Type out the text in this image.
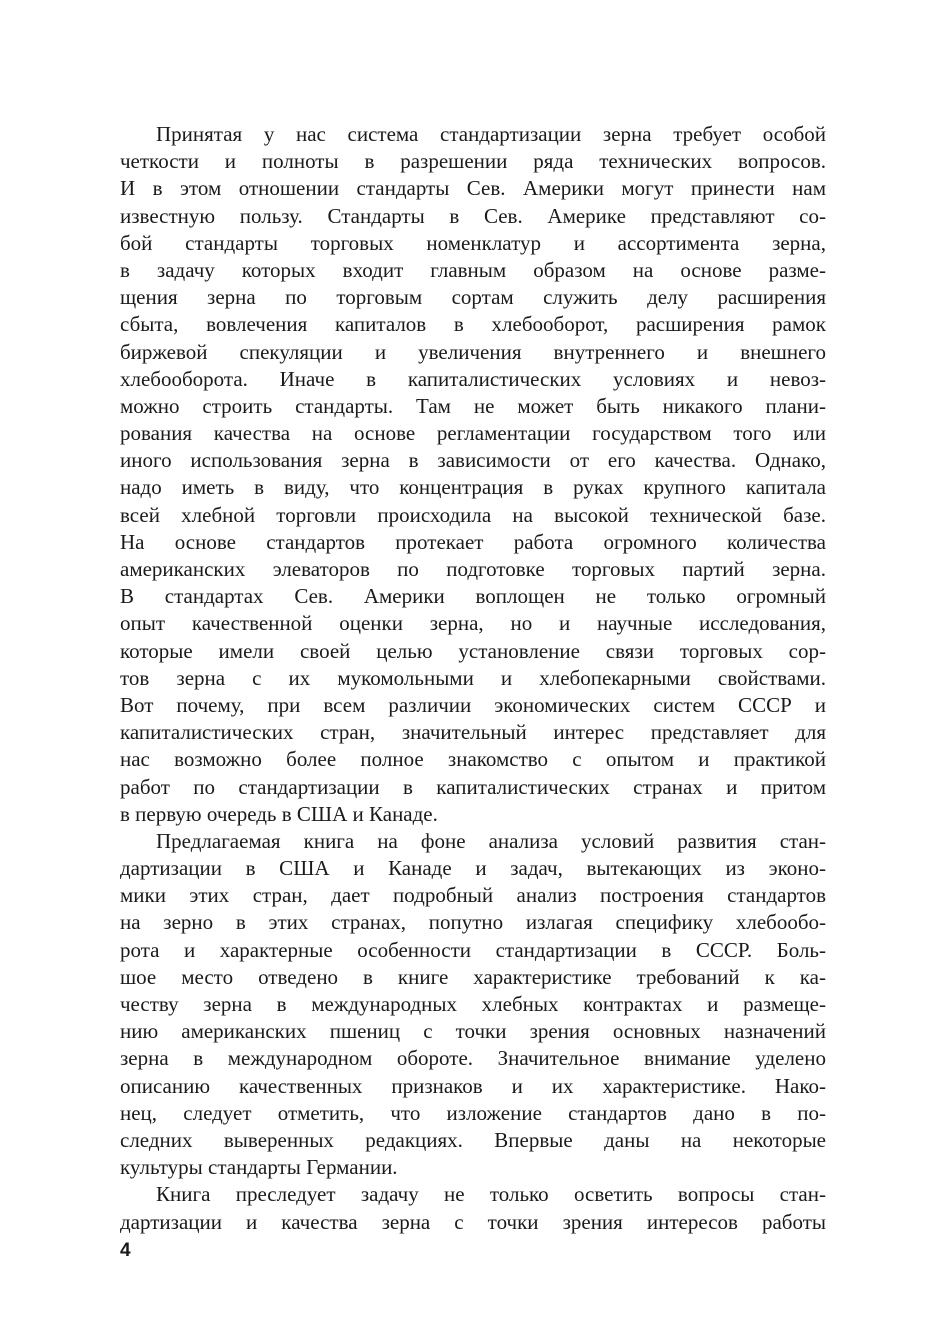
Принятая у нас система стандартизации зерна требует особой
четкости и полноты в разрешении ряда технических вопросов.
И в этом отношении стандарты Сев. Америки могут принести нам
известную пользу. Стандарты в Сев. Америке представляют со-
бой стандарты торговых номенклатур и ассортимента зерна,
в задачу которых входит главным образом на основе разме-
щения зерна по торговым сортам служить делу расширения
сбыта, вовлечения капиталов в хлебооборот, расширения рамок
биржевой спекуляции и увеличения внутреннего и внешнего
хлебооборота. Иначе в капиталистических условиях и невоз-
можно строить стандарты. Там не может быть никакого плани-
рования качества на основе регламентации государством того или
иного использования зерна в зависимости от его качества. Однако,
надо иметь в виду, что концентрация в руках крупного капитала
всей хлебной торговли происходила на высокой технической базе.
На основе стандартов протекает работа огромного количества
американских элеваторов по подготовке торговых партий зерна.
В стандартах Сев. Америки воплощен не только огромный
опыт качественной оценки зерна, но и научные исследования,
которые имели своей целью установление связи торговых сор-
тов зерна с их мукомольными и хлебопекарными свойствами.
Вот почему, при всем различии экономических систем СССР и
капиталистических стран, значительный интерес представляет для
нас возможно более полное знакомство с опытом и практикой
работ по стандартизации в капиталистических странах и притом
в первую очередь в США и Канаде.
Предлагаемая книга на фоне анализа условий развития стан-
дартизации в США и Канаде и задач, вытекающих из эконо-
мики этих стран, дает подробный анализ построения стандартов
на зерно в этих странах, попутно излагая специфику хлебообо-
рота и характерные особенности стандартизации в СССР. Боль-
шое место отведено в книге характеристике требований к ка-
честву зерна в международных хлебных контрактах и размеще-
нию американских пшениц с точки зрения основных назначений
зерна в международном обороте. Значительное внимание уделено
описанию качественных признаков и их характеристике. Нако-
нец, следует отметить, что изложение стандартов дано в по-
следних выверенных редакциях. Впервые даны на некоторые
культуры стандарты Германии.
Книга преследует задачу не только осветить вопросы стан-
дартизации и качества зерна с точки зрения интересов работы
4
